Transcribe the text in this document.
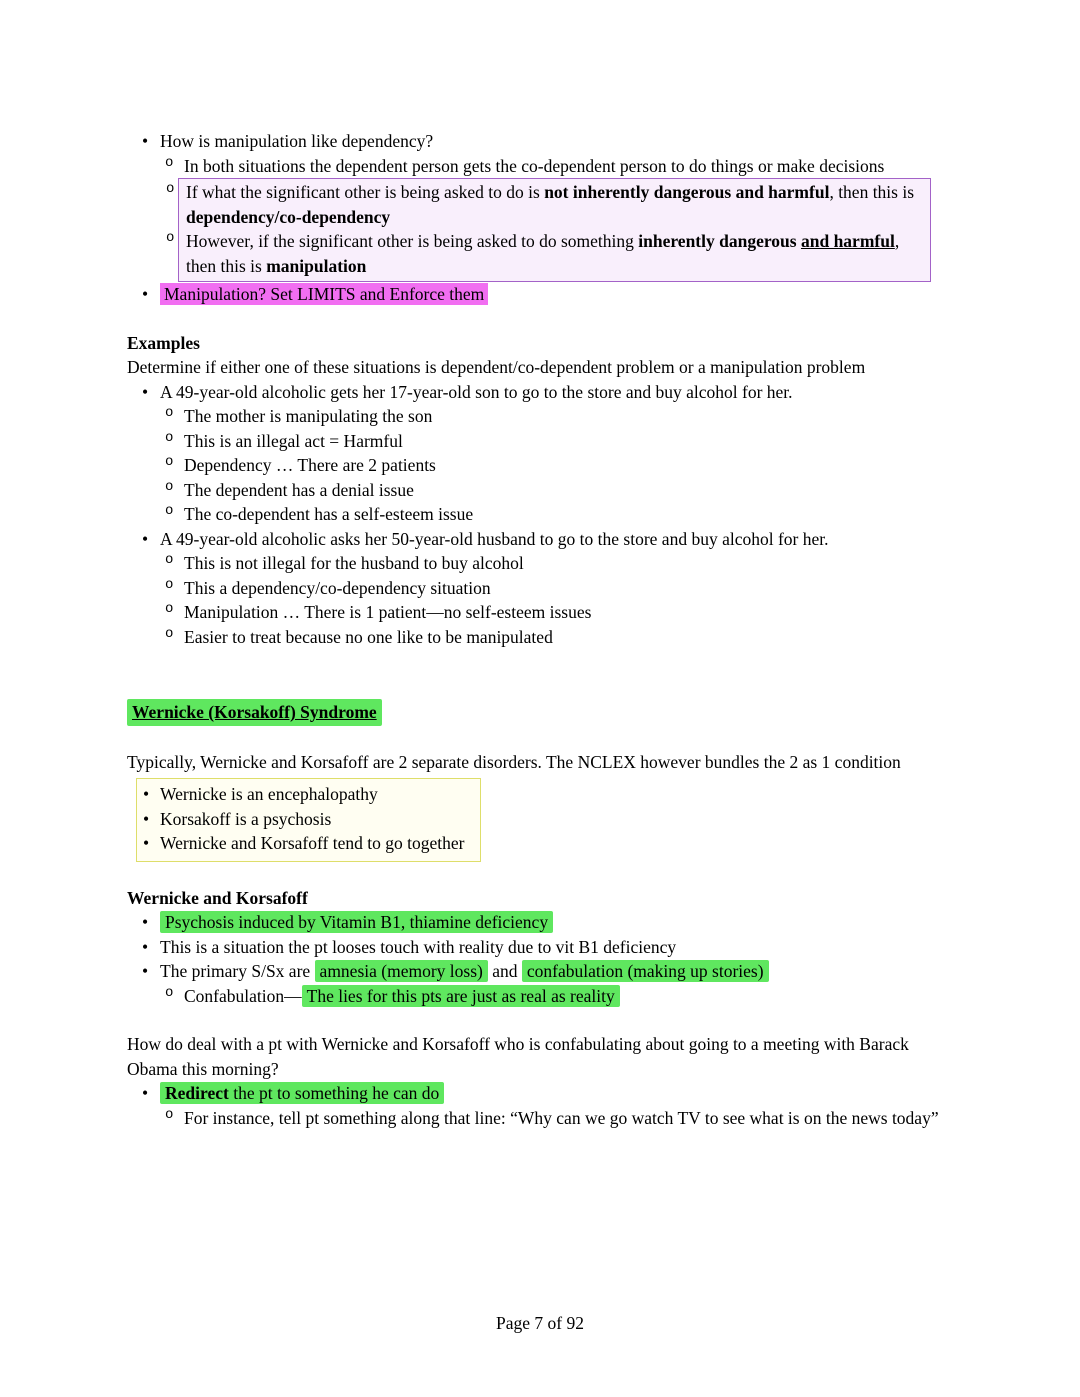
• How is manipulation like dependency?
o In both situations the dependent person gets the co-dependent person to do things or make decisions
o If what the significant other is being asked to do is not inherently dangerous and harmful, then this is dependency/co-dependency
o However, if the significant other is being asked to do something inherently dangerous and harmful, then this is manipulation
• Manipulation? Set LIMITS and Enforce them
Examples
Determine if either one of these situations is dependent/co-dependent problem or a manipulation problem
• A 49-year-old alcoholic gets her 17-year-old son to go to the store and buy alcohol for her.
o The mother is manipulating the son
o This is an illegal act = Harmful
o Dependency … There are 2 patients
o The dependent has a denial issue
o The co-dependent has a self-esteem issue
• A 49-year-old alcoholic asks her 50-year-old husband to go to the store and buy alcohol for her.
o This is not illegal for the husband to buy alcohol
o This a dependency/co-dependency situation
o Manipulation … There is 1 patient—no self-esteem issues
o Easier to treat because no one like to be manipulated
Wernicke (Korsakoff) Syndrome
Typically, Wernicke and Korsafoff are 2 separate disorders. The NCLEX however bundles the 2 as 1 condition
• Wernicke is an encephalopathy
• Korsakoff is a psychosis
• Wernicke and Korsafoff tend to go together
Wernicke and Korsafoff
• Psychosis induced by Vitamin B1, thiamine deficiency
• This is a situation the pt looses touch with reality due to vit B1 deficiency
• The primary S/Sx are amnesia (memory loss) and confabulation (making up stories)
o Confabulation— The lies for this pts are just as real as reality
How do deal with a pt with Wernicke and Korsafoff who is confabulating about going to a meeting with Barack Obama this morning?
• Redirect the pt to something he can do
o For instance, tell pt something along that line: “Why can we go watch TV to see what is on the news today”
Page 7 of 92
